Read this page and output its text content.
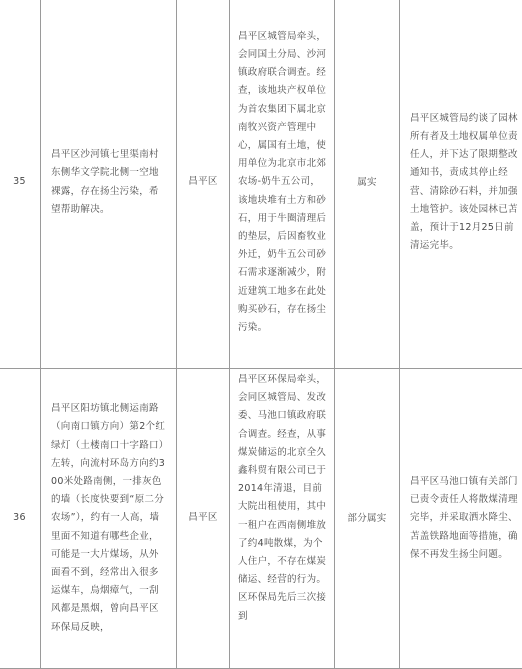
35	昌平区沙河镇七里渠南村东侧华文学院北侧一空地裸露，存在扬尘污染，希望帮助解决。	昌平区	昌平区城管局牵头，会同国土分局、沙河镇政府联合调查。经查，该地块产权单位为首农集团下属北京南牧兴资产管理中心，属国有土地，使用单位为北京市北郊农场-奶牛五公司，该地块堆有土方和砂石，用于牛圈清理后的垫层，后因畜牧业外迁，奶牛五公司砂石需求逐渐减少，附近建筑工地多在此处购买砂石，存在扬尘污染。	属实	昌平区城管局约谈了园林所有者及土地权属单位责任人，并下达了限期整改通知书，责成其停止经营、清除砂石料，并加强土地管护。该处园林已苫盖，预计于12月25日前清运完毕。

36	昌平区阳坊镇北侧运南路（向南口镇方向）第2个红绿灯（土楼南口十字路口）左转，向流村环岛方向约300米处路南侧，一排灰色的墙（长度快要到“原二分农场”），约有一人高，墙里面不知道有哪些企业，可能是一大片煤场，从外面看不到，经常出入很多运煤车，烏烟瘴气，一刮风都是黑烟，曾向昌平区环保局反映，	昌平区	昌平区环保局牵头，会同区城管局、发改委、马池口镇政府联合调查。经查，从事煤炭储运的北京全久鑫科贸有限公司已于2014年清退，目前大院出租使用，其中一租户在西南侧堆放了约4吨散煤，为个人住户，不存在煤炭储运、经营的行为。区环保局先后三次接到	部分属实	昌平区马池口镇有关部门已责令责任人将散煤清理完毕，并采取洒水降尘、苫盖铁路地面等措施，确保不再发生扬尘问题。
